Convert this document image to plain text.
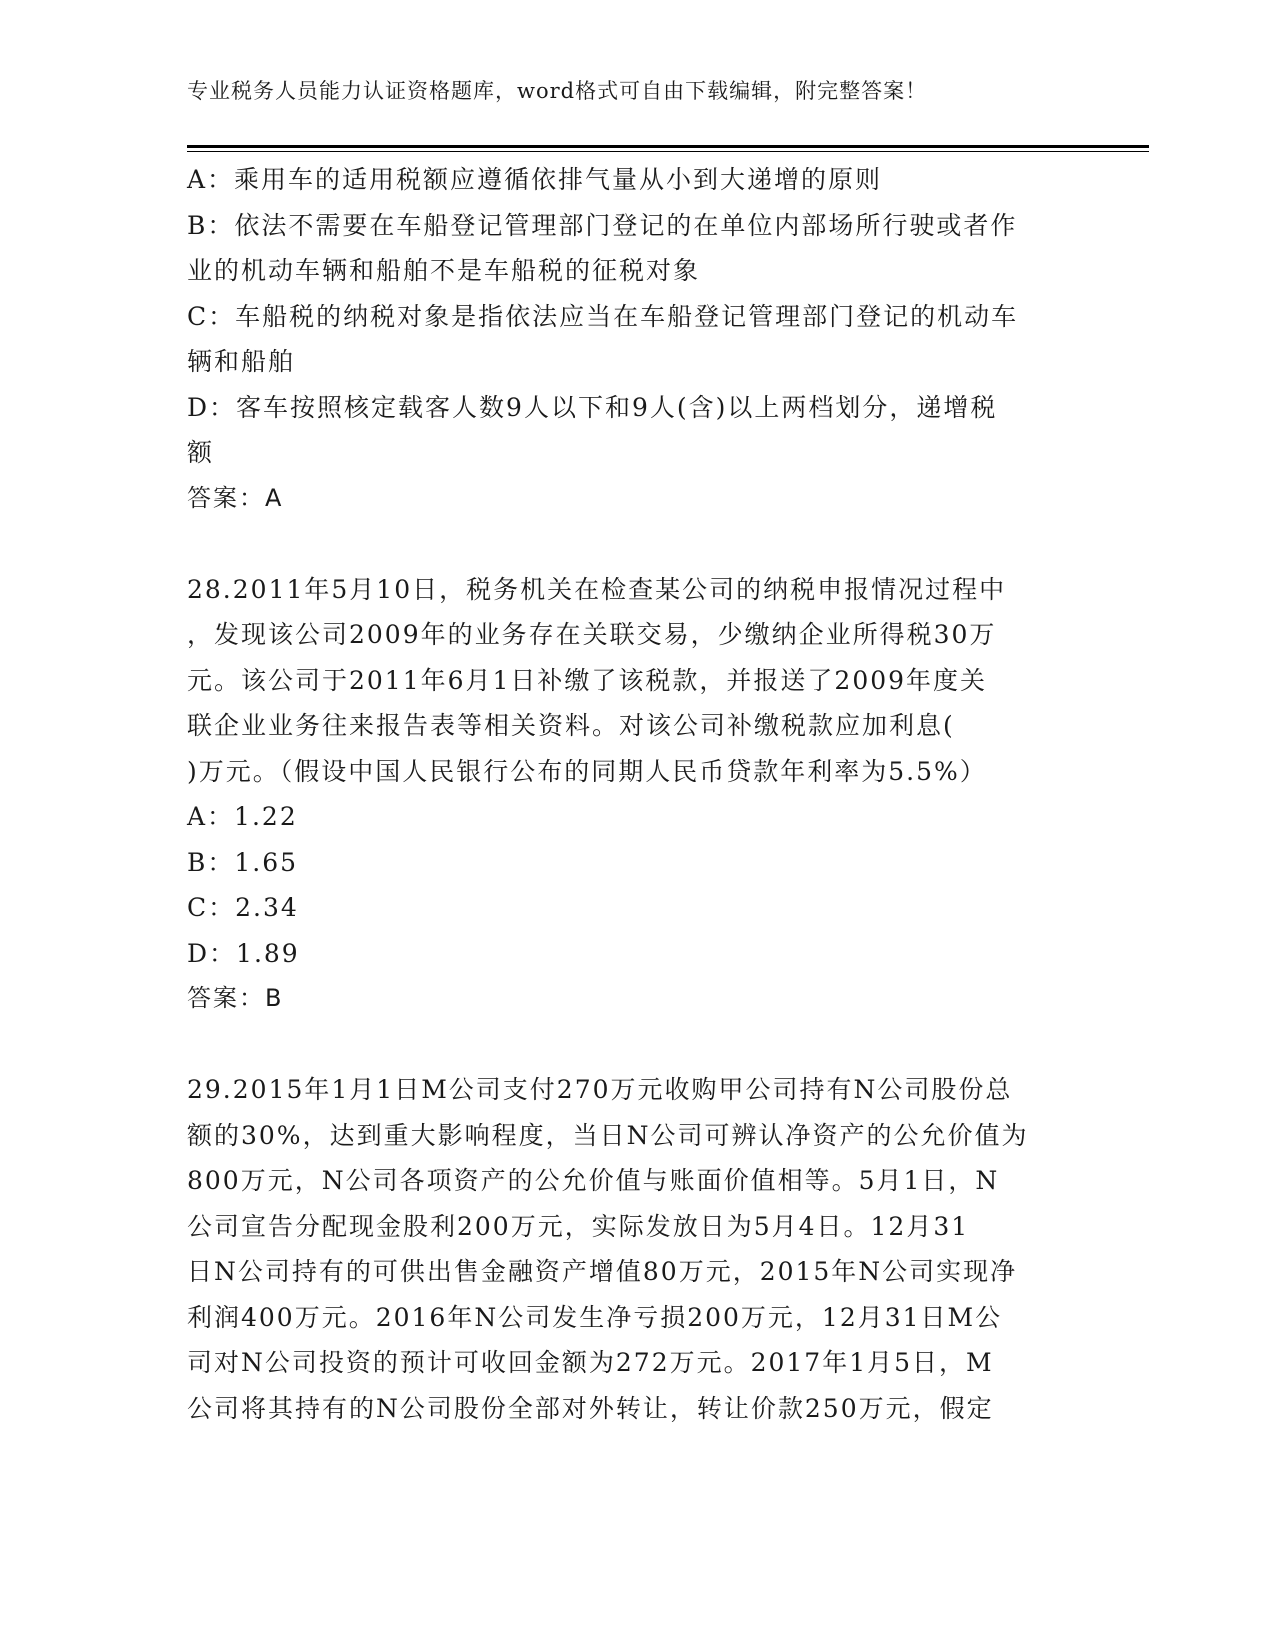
专业税务人员能力认证资格题库，word格式可自由下载编辑，附完整答案！
A：乘用车的适用税额应遵循依排气量从小到大递增的原则
B：依法不需要在车船登记管理部门登记的在单位内部场所行驶或者作
业的机动车辆和船舶不是车船税的征税对象
C：车船税的纳税对象是指依法应当在车船登记管理部门登记的机动车
辆和船舶
D：客车按照核定载客人数9人以下和9人(含)以上两档划分，递增税
额
答案：A
28.2011年5月10日，税务机关在检查某公司的纳税申报情况过程中
，发现该公司2009年的业务存在关联交易，少缴纳企业所得税30万
元。该公司于2011年6月1日补缴了该税款，并报送了2009年度关
联企业业务往来报告表等相关资料。对该公司补缴税款应加利息(
)万元。（假设中国人民银行公布的同期人民币贷款年利率为5.5%）
A：1.22
B：1.65
C：2.34
D：1.89
答案：B
29.2015年1月1日M公司支付270万元收购甲公司持有N公司股份总
额的30%，达到重大影响程度，当日N公司可辨认净资产的公允价值为
800万元，N公司各项资产的公允价值与账面价值相等。5月1日，N
公司宣告分配现金股利200万元，实际发放日为5月4日。12月31
日N公司持有的可供出售金融资产增值80万元，2015年N公司实现净
利润400万元。2016年N公司发生净亏损200万元，12月31日M公
司对N公司投资的预计可收回金额为272万元。2017年1月5日，M
公司将其持有的N公司股份全部对外转让，转让价款250万元，假定
